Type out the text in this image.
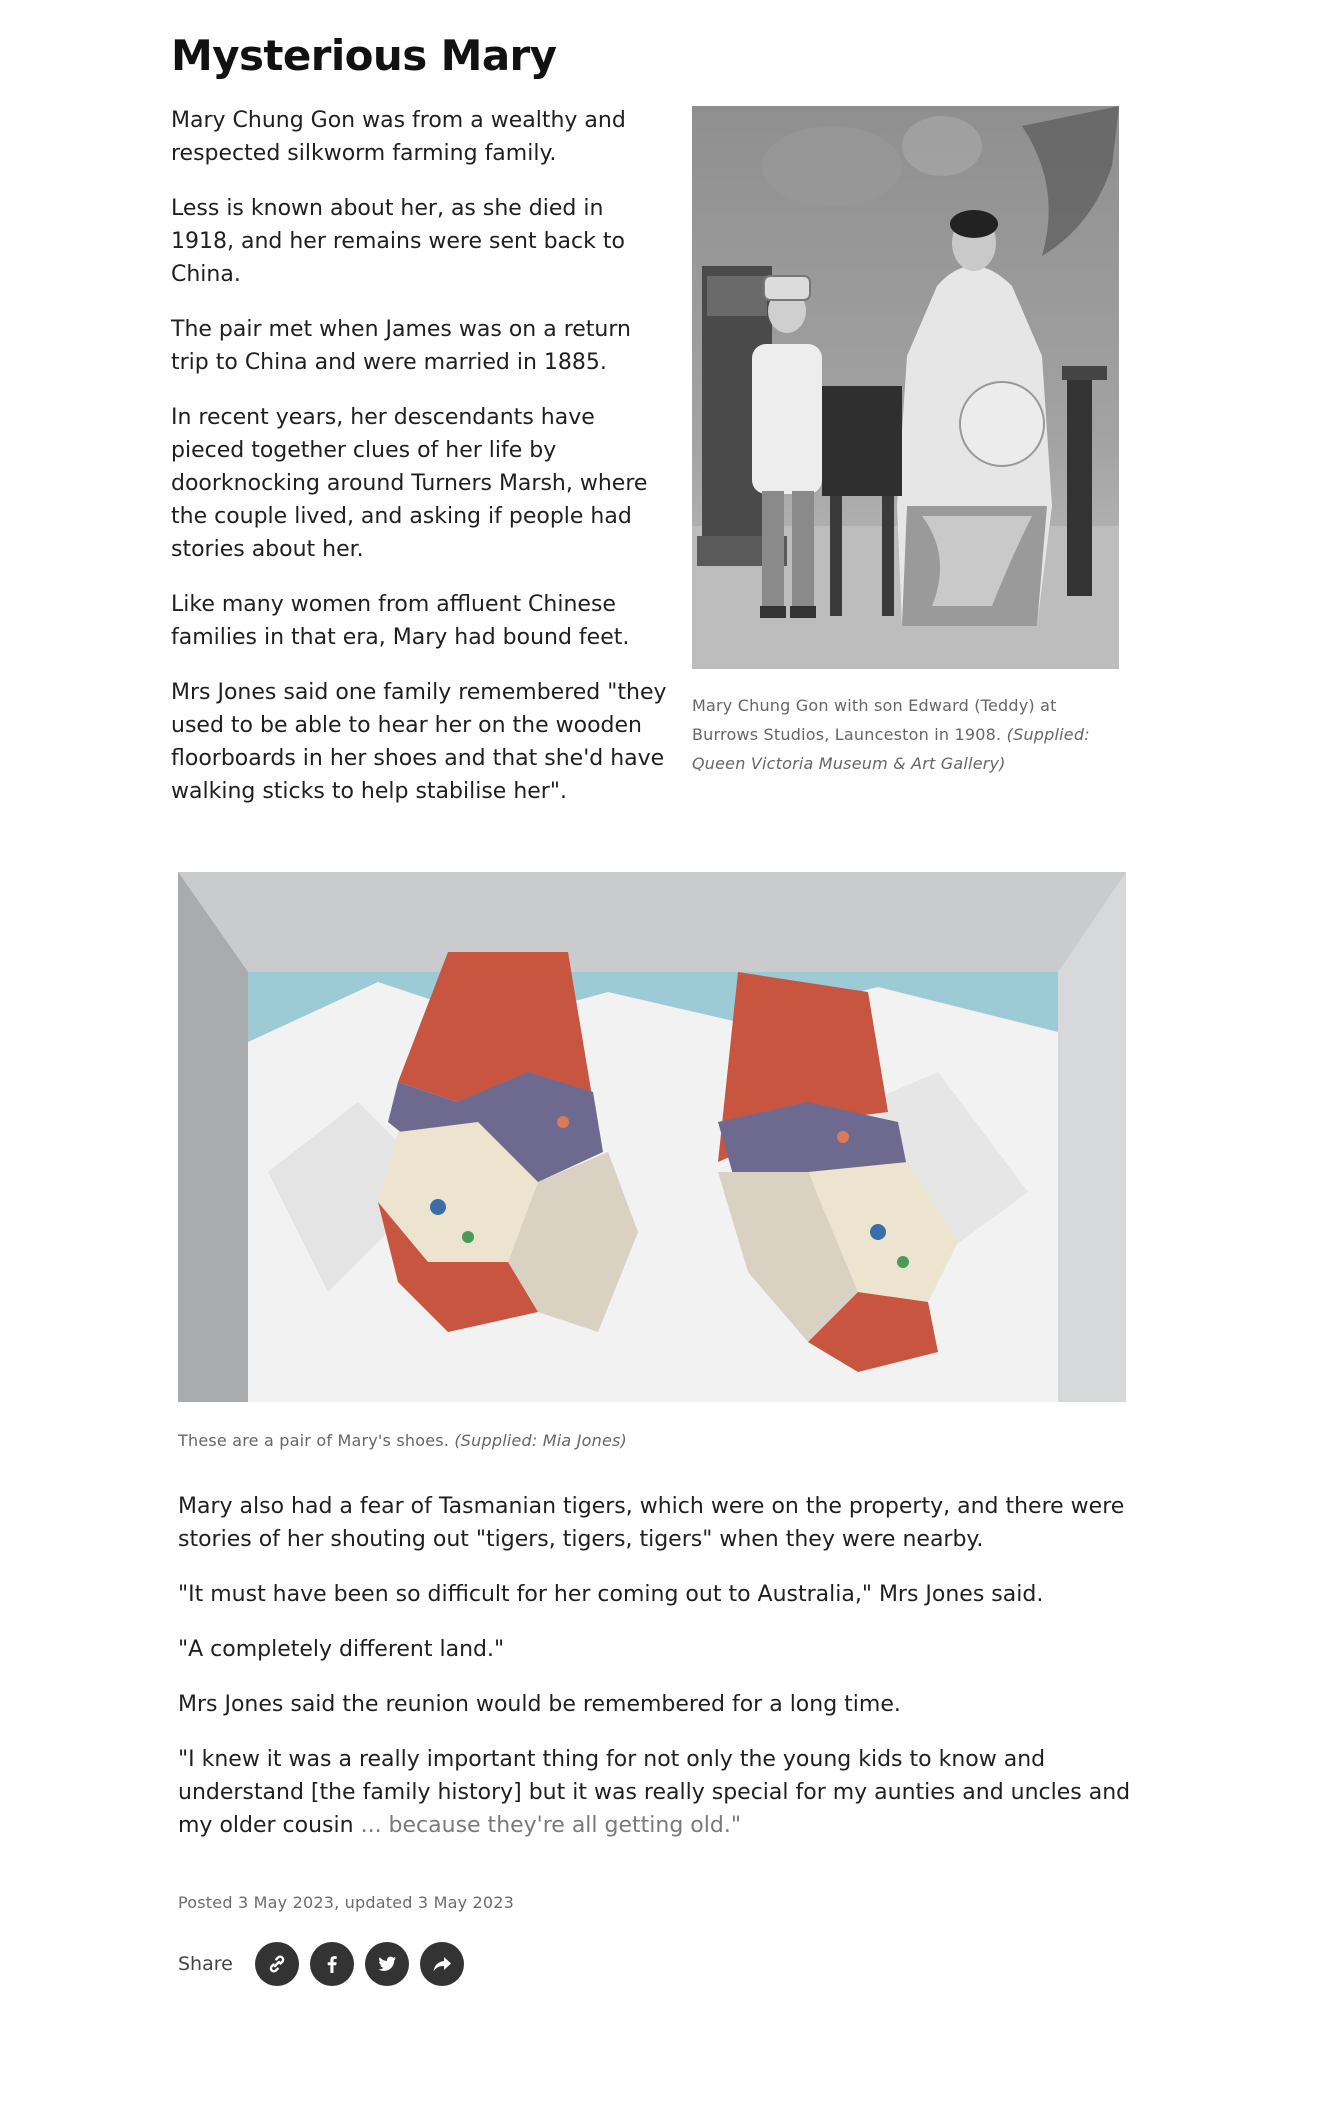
Mysterious Mary

Mary Chung Gon was from a wealthy and respected silkworm farming family.

Less is known about her, as she died in 1918, and her remains were sent back to China.

The pair met when James was on a return trip to China and were married in 1885.

In recent years, her descendants have pieced together clues of her life by doorknocking around Turners Marsh, where the couple lived, and asking if people had stories about her.

Like many women from affluent Chinese families in that era, Mary had bound feet.

Mrs Jones said one family remembered "they used to be able to hear her on the wooden floorboards in her shoes and that she'd have walking sticks to help stabilise her".

Mary Chung Gon with son Edward (Teddy) at Burrows Studios, Launceston in 1908. (Supplied: Queen Victoria Museum & Art Gallery)
These are a pair of Mary's shoes. (Supplied: Mia Jones)

Mary also had a fear of Tasmanian tigers, which were on the property, and there were stories of her shouting out "tigers, tigers, tigers" when they were nearby.

"It must have been so difficult for her coming out to Australia," Mrs Jones said.

"A completely different land."

Mrs Jones said the reunion would be remembered for a long time.

"I knew it was a really important thing for not only the young kids to know and understand [the family history] but it was really special for my aunties and uncles and my older cousin ... because they're all getting old."

Posted 3 May 2023, updated 3 May 2023
Share
